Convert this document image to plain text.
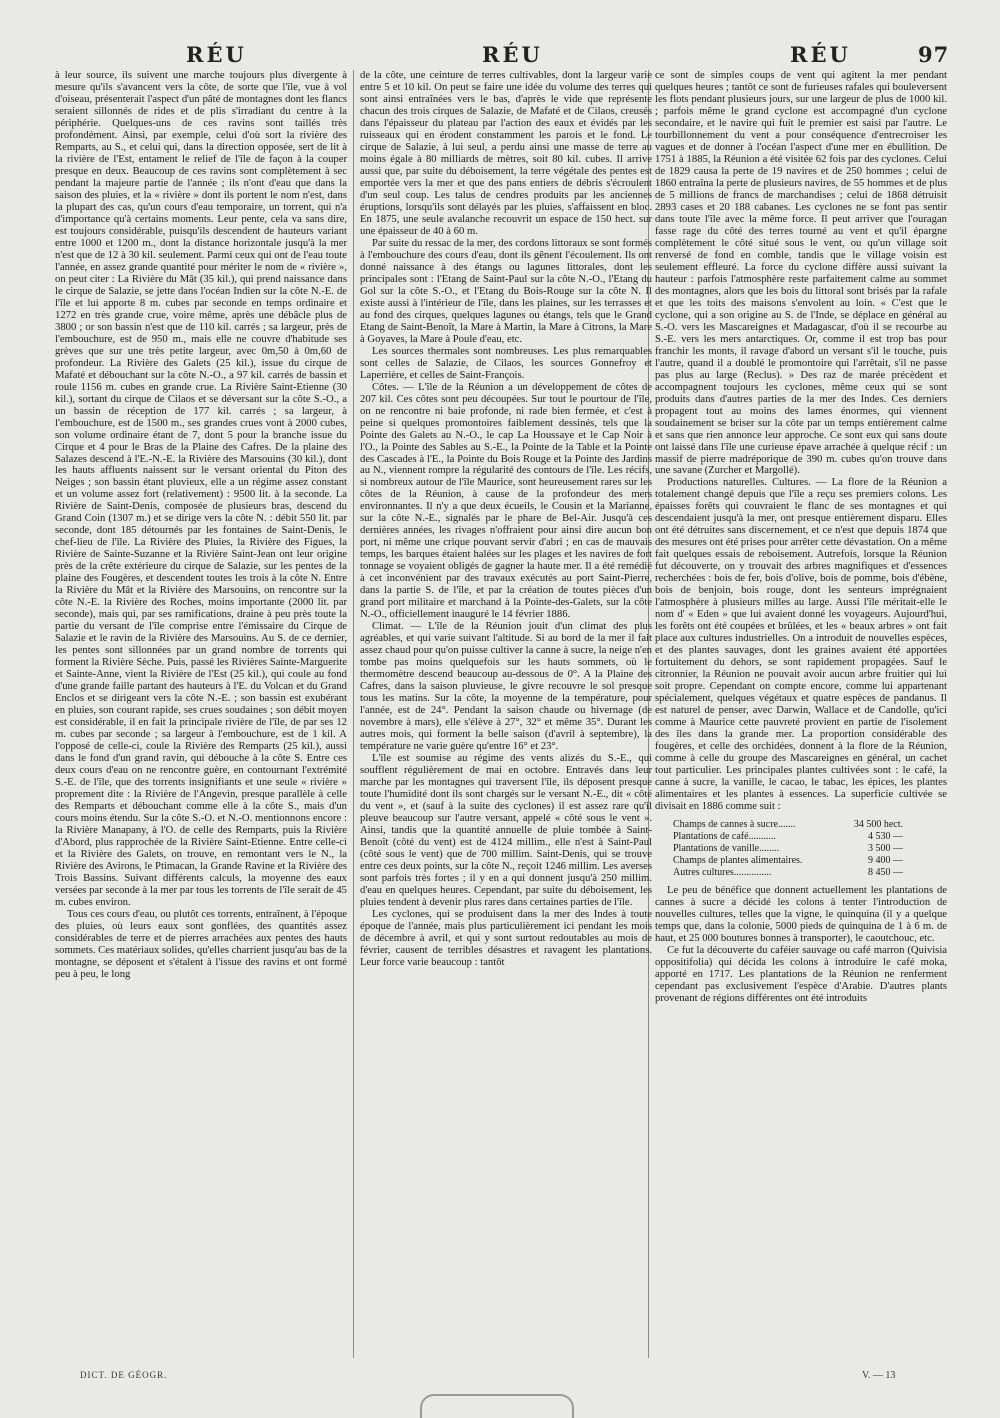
RÉU	RÉU	RÉU	97

à leur source, ils suivent une marche toujours plus divergente à mesure qu'ils s'avancent vers la côte, de sorte que l'île, vue à vol d'oiseau, présenterait l'aspect d'un pâté de montagnes dont les flancs seraient sillonnés de rides et de plis s'irradiant du centre à la périphérie. Quelques-uns de ces ravins sont taillés très profondément. Ainsi, par exemple, celui d'où sort la rivière des Remparts, au S., et celui qui, dans la direction opposée, sert de lit à la rivière de l'Est, entament le relief de l'île de façon à la couper presque en deux. Beaucoup de ces ravins sont complètement à sec pendant la majeure partie de l'année ; ils n'ont d'eau que dans la saison des pluies, et la « rivière » dont ils portent le nom n'est, dans la plupart des cas, qu'un cours d'eau temporaire, un torrent, qui n'a d'importance qu'à certains moments. Leur pente, cela va sans dire, est toujours considérable, puisqu'ils descendent de hauteurs variant entre 1000 et 1200 m., dont la distance horizontale jusqu'à la mer n'est que de 12 à 30 kil. seulement. Parmi ceux qui ont de l'eau toute l'année, en assez grande quantité pour mériter le nom de « rivière », on peut citer : La Rivière du Mât (35 kil.), qui prend naissance dans le cirque de Salazie, se jette dans l'océan Indien sur la côte N.-E. de l'île et lui apporte 8 m. cubes par seconde en temps ordinaire et 1272 en très grande crue, voire même, après une débâcle plus de 3800 ; or son bassin n'est que de 110 kil. carrés ; sa largeur, près de l'embouchure, est de 950 m., mais elle ne couvre d'habitude ses grèves que sur une très petite largeur, avec 0m,50 à 0m,60 de profondeur. La Rivière des Galets (25 kil.), issue du cirque de Mafaté et débouchant sur la côte N.-O., a 97 kil. carrés de bassin et roule 1156 m. cubes en grande crue. La Rivière Saint-Etienne (30 kil.), sortant du cirque de Cilaos et se déversant sur la côte S.-O., a un bassin de réception de 177 kil. carrés ; sa largeur, à l'embouchure, est de 1500 m., ses grandes crues vont à 2000 cubes, son volume ordinaire étant de 7, dont 5 pour la branche issue du Cirque et 4 pour le Bras de la Plaine des Cafres. De la plaine des Salazes descend à l'E.-N.-E. la Rivière des Marsouins (30 kil.), dont les hauts affluents naissent sur le versant oriental du Piton des Neiges ; son bassin étant pluvieux, elle a un régime assez constant et un volume assez fort (relativement) : 9500 lit. à la seconde. La Rivière de Saint-Denis, composée de plusieurs bras, descend du Grand Coin (1307 m.) et se dirige vers la côte N. : débit 550 lit. par seconde, dont 185 détournés par les fontaines de Saint-Denis, le chef-lieu de l'île. La Rivière des Pluies, la Rivière des Figues, la Rivière de Sainte-Suzanne et la Rivière Saint-Jean ont leur origine près de la crête extérieure du cirque de Salazie, sur les pentes de la plaine des Fougères, et descendent toutes les trois à la côte N. Entre la Rivière du Mât et la Rivière des Marsouins, on rencontre sur la côte N.-E. la Rivière des Roches, moins importante (2000 lit. par seconde), mais qui, par ses ramifications, draine à peu près toute la partie du versant de l'île comprise entre l'émissaire du Cirque de Salazie et le ravin de la Rivière des Marsouins. Au S. de ce dernier, les pentes sont sillonnées par un grand nombre de torrents qui forment la Rivière Sèche. Puis, passé les Rivières Sainte-Marguerite et Sainte-Anne, vient la Rivière de l'Est (25 kil.), qui coule au fond d'une grande faille partant des hauteurs à l'E. du Volcan et du Grand Enclos et se dirigeant vers la côte N.-E. ; son bassin est exubérant en pluies, son courant rapide, ses crues soudaines ; son débit moyen est considérable, il en fait la principale rivière de l'île, de par ses 12 m. cubes par seconde ; sa largeur à l'embouchure, est de 1 kil. A l'opposé de celle-ci, coule la Rivière des Remparts (25 kil.), aussi dans le fond d'un grand ravin, qui débouche à la côte S. Entre ces deux cours d'eau on ne rencontre guère, en contournant l'extrémité S.-E. de l'île, que des torrents insignifiants et une seule « rivière » proprement dite : la Rivière de l'Angevin, presque parallèle à celle des Remparts et débouchant comme elle à la côte S., mais d'un cours moins étendu. Sur la côte S.-O. et N.-O. mentionnons encore : la Rivière Manapany, à l'O. de celle des Remparts, puis la Rivière d'Abord, plus rapprochée de la Rivière Saint-Etienne. Entre celle-ci et la Rivière des Galets, on trouve, en remontant vers le N., la Rivière des Avirons, le Ptimacan, la Grande Ravine et la Rivière des Trois Bassins. Suivant différents calculs, la moyenne des eaux versées par seconde à la mer par tous les torrents de l'île serait de 45 m. cubes environ.

Tous ces cours d'eau, ou plutôt ces torrents, entraînent, à l'époque des pluies, où leurs eaux sont gonflées, des quantités assez considérables de terre et de pierres arrachées aux pentes des hauts sommets. Ces matériaux solides, qu'elles charrient jusqu'au bas de la montagne, se déposent et s'étalent à l'issue des ravins et ont formé peu à peu, le long

de la côte, une ceinture de terres cultivables, dont la largeur varie entre 5 et 10 kil. On peut se faire une idée du volume des terres qui sont ainsi entraînées vers le bas, d'après le vide que représente chacun des trois cirques de Salazie, de Mafaté et de Cilaos, creusés dans l'épaisseur du plateau par l'action des eaux et évidés par les ruisseaux qui en érodent constamment les parois et le fond. Le cirque de Salazie, à lui seul, a perdu ainsi une masse de terre au moins égale à 80 milliards de mètres, soit 80 kil. cubes. Il arrive aussi que, par suite du déboisement, la terre végétale des pentes est emportée vers la mer et que des pans entiers de débris s'écroulent d'un seul coup. Les talus de cendres produits par les anciennes éruptions, lorsqu'ils sont délayés par les pluies, s'affaissent en bloc. En 1875, une seule avalanche recouvrit un espace de 150 hect. sur une épaisseur de 40 à 60 m.

Par suite du ressac de la mer, des cordons littoraux se sont formés à l'embouchure des cours d'eau, dont ils gênent l'écoulement. Ils ont donné naissance à des étangs ou lagunes littorales, dont les principales sont : l'Etang de Saint-Paul sur la côte N.-O., l'Etang du Gol sur la côte S.-O., et l'Etang du Bois-Rouge sur la côte N. Il existe aussi à l'intérieur de l'île, dans les plaines, sur les terrasses et au fond des cirques, quelques lagunes ou étangs, tels que le Grand Etang de Saint-Benoît, la Mare à Martin, la Mare à Citrons, la Mare à Goyaves, la Mare à Poule d'eau, etc.

Les sources thermales sont nombreuses. Les plus remarquables sont celles de Salazie, de Cilaos, les sources Gonnefroy et Laperrière, et celles de Saint-François.

Côtes. — L'île de la Réunion a un développement de côtes de 207 kil. Ces côtes sont peu découpées. Sur tout le pourtour de l'île, on ne rencontre ni baie profonde, ni rade bien fermée, et c'est à peine si quelques promontoires faiblement dessinés, tels que la Pointe des Galets au N.-O., le cap La Houssaye et le Cap Noir à l'O., la Pointe des Sables au S.-E., la Pointe de la Table et la Pointe des Cascades à l'E., la Pointe du Bois Rouge et la Pointe des Jardins au N., viennent rompre la régularité des contours de l'île. Les récifs, si nombreux autour de l'île Maurice, sont heureusement rares sur les côtes de la Réunion, à cause de la profondeur des mers environnantes. Il n'y a que deux écueils, le Cousin et la Marianne, sur la côte N.-E., signalés par le phare de Bel-Air. Jusqu'à ces dernières années, les rivages n'offraient pour ainsi dire aucun bon port, ni même une crique pouvant servir d'abri ; en cas de mauvais temps, les barques étaient halées sur les plages et les navires de fort tonnage se voyaient obligés de gagner la haute mer. Il a été remédié à cet inconvénient par des travaux exécutés au port Saint-Pierre, dans la partie S. de l'île, et par la création de toutes pièces d'un grand port militaire et marchand à la Pointe-des-Galets, sur la côte N.-O., officiellement inauguré le 14 février 1886.

Climat. — L'île de la Réunion jouit d'un climat des plus agréables, et qui varie suivant l'altitude. Si au bord de la mer il fait assez chaud pour qu'on puisse cultiver la canne à sucre, la neige n'en tombe pas moins quelquefois sur les hauts sommets, où le thermomètre descend beaucoup au-dessous de 0°. A la Plaine des Cafres, dans la saison pluvieuse, le givre recouvre le sol presque tous les matins. Sur la côte, la moyenne de la température, pour l'année, est de 24°. Pendant la saison chaude ou hivernage (de novembre à mars), elle s'élève à 27°, 32° et même 35°. Durant les autres mois, qui forment la belle saison (d'avril à septembre), la température ne varie guère qu'entre 16° et 23°.

L'île est soumise au régime des vents alizés du S.-E., qui soufflent régulièrement de mai en octobre. Entravés dans leur marche par les montagnes qui traversent l'île, ils déposent presque toute l'humidité dont ils sont chargés sur le versant N.-E., dit « côté du vent », et (sauf à la suite des cyclones) il est assez rare qu'il pleuve beaucoup sur l'autre versant, appelé « côté sous le vent ». Ainsi, tandis que la quantité annuelle de pluie tombée à Saint-Benoît (côté du vent) est de 4124 millim., elle n'est à Saint-Paul (côté sous le vent) que de 700 millim. Saint-Denis, qui se trouve entre ces deux points, sur la côte N., reçoit 1246 millim. Les averses sont parfois très fortes ; il y en a qui donnent jusqu'à 250 millim. d'eau en quelques heures. Cependant, par suite du déboisement, les pluies tendent à devenir plus rares dans certaines parties de l'île.

Les cyclones, qui se produisent dans la mer des Indes à toute époque de l'année, mais plus particulièrement ici pendant les mois de décembre à avril, et qui y sont surtout redoutables au mois de février, causent de terribles désastres et ravagent les plantations. Leur force varie beaucoup : tantôt

ce sont de simples coups de vent qui agitent la mer pendant quelques heures ; tantôt ce sont de furieuses rafales qui bouleversent les flots pendant plusieurs jours, sur une largeur de plus de 1000 kil. ; parfois même le grand cyclone est accompagné d'un cyclone secondaire, et le navire qui fuit le premier est saisi par l'autre. Le tourbillonnement du vent a pour conséquence d'entrecroiser les vagues et de donner à l'océan l'aspect d'une mer en ébullition. De 1751 à 1885, la Réunion a été visitée 62 fois par des cyclones. Celui de 1829 causa la perte de 19 navires et de 250 hommes ; celui de 1860 entraîna la perte de plusieurs navires, de 55 hommes et de plus de 5 millions de francs de marchandises ; celui de 1868 détruisit 2893 cases et 20 188 cabanes. Les cyclones ne se font pas sentir dans toute l'île avec la même force. Il peut arriver que l'ouragan fasse rage du côté des terres tourné au vent et qu'il épargne complètement le côté situé sous le vent, ou qu'un village soit renversé de fond en comble, tandis que le village voisin est seulement effleuré. La force du cyclone diffère aussi suivant la hauteur : parfois l'atmosphère reste parfaitement calme au sommet des montagnes, alors que les bois du littoral sont brisés par la rafale et que les toits des maisons s'envolent au loin. « C'est que le cyclone, qui a son origine au S. de l'Inde, se déplace en général au S.-O. vers les Mascareignes et Madagascar, d'où il se recourbe au S.-E. vers les mers antarctiques. Or, comme il est trop bas pour franchir les monts, il ravage d'abord un versant s'il le touche, puis l'autre, quand il a doublé le promontoire qui l'arrêtait, s'il ne passe pas plus au large (Reclus). » Des raz de marée précèdent et accompagnent toujours les cyclones, même ceux qui se sont produits dans d'autres parties de la mer des Indes. Ces derniers propagent tout au moins des lames énormes, qui viennent soudainement se briser sur la côte par un temps entièrement calme et sans que rien annonce leur approche. Ce sont eux qui sans doute ont laissé dans l'île une curieuse épave arrachée à quelque récif : un massif de pierre madréporique de 390 m. cubes qu'on trouve dans une savane (Zurcher et Margollé).

Productions naturelles. Cultures. — La flore de la Réunion a totalement changé depuis que l'île a reçu ses premiers colons. Les épaisses forêts qui couvraient le flanc de ses montagnes et qui descendaient jusqu'à la mer, ont presque entièrement disparu. Elles ont été détruites sans discernement, et ce n'est que depuis 1874 que des mesures ont été prises pour arrêter cette dévastation. On a même fait quelques essais de reboisement. Autrefois, lorsque la Réunion fut découverte, on y trouvait des arbres magnifiques et d'essences recherchées : bois de fer, bois d'olive, bois de pomme, bois d'ébène, bois de benjoin, bois rouge, dont les senteurs imprégnaient l'atmosphère à plusieurs milles au large. Aussi l'île méritait-elle le nom d' « Eden » que lui avaient donné les voyageurs. Aujourd'hui, les forêts ont été coupées et brûlées, et les « beaux arbres » ont fait place aux cultures industrielles. On a introduit de nouvelles espèces, et des plantes sauvages, dont les graines avaient été apportées fortuitement du dehors, se sont rapidement propagées. Sauf le citronnier, la Réunion ne pouvait avoir aucun arbre fruitier qui lui soit propre. Cependant on compte encore, comme lui appartenant spécialement, quelques végétaux et quatre espèces de pandanus. Il est naturel de penser, avec Darwin, Wallace et de Candolle, qu'ici comme à Maurice cette pauvreté provient en partie de l'isolement des îles dans la grande mer. La proportion considérable des fougères, et celle des orchidées, donnent à la flore de la Réunion, comme à celle du groupe des Mascareignes en général, un cachet tout particulier. Les principales plantes cultivées sont : le café, la canne à sucre, la vanille, le cacao, le tabac, les épices, les plantes alimentaires et les plantes à essences. La superficie cultivée se divisait en 1886 comme suit :

Champs de cannes à sucre.......	34 500 hect.
Plantations de café...........	4 530 —
Plantations de vanille........	3 500 —
Champs de plantes alimentaires.	9 400 —
Autres cultures...............	8 450 —

Le peu de bénéfice que donnent actuellement les plantations de cannes à sucre a décidé les colons à tenter l'introduction de nouvelles cultures, telles que la vigne, le quinquina (il y a quelque temps que, dans la colonie, 5000 pieds de quinquina de 1 à 6 m. de haut, et 25 000 boutures bonnes à transporter), le caoutchouc, etc.

Ce fut la découverte du caféier sauvage ou café marron (Quivisia oppositifolia) qui décida les colons à introduire le café moka, apporté en 1717. Les plantations de la Réunion ne renferment cependant pas exclusivement l'espèce d'Arabie. D'autres plants provenant de régions différentes ont été introduits

DICT. DE GÉOGR.	V. — 13
